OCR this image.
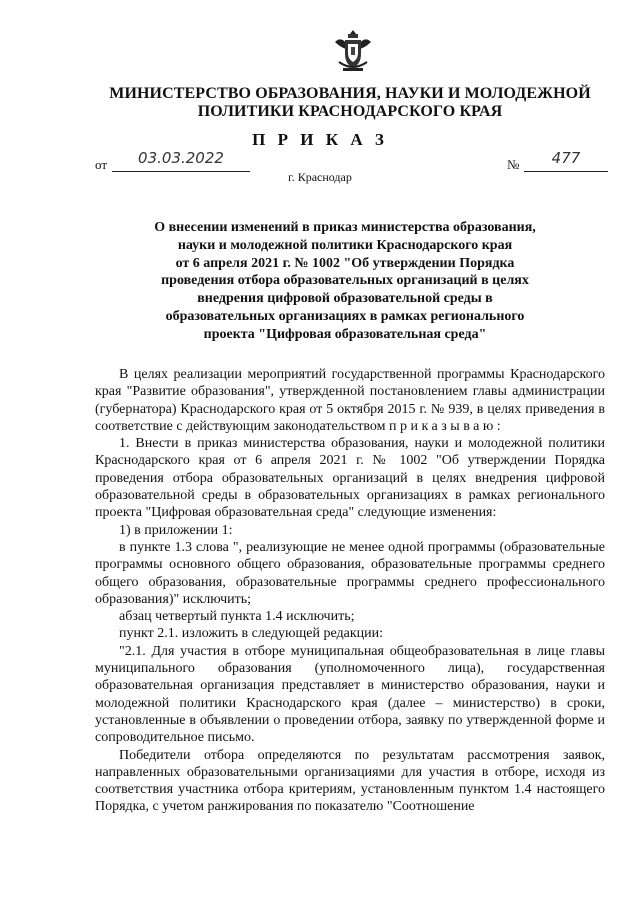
МИНИСТЕРСТВО ОБРАЗОВАНИЯ, НАУКИ И МОЛОДЕЖНОЙ
ПОЛИТИКИ КРАСНОДАРСКОГО КРАЯ
П Р И К А З
от	03.03.2022	№	477
г. Краснодар
О внесении изменений в приказ министерства образования,
науки и молодежной политики Краснодарского края
от 6 апреля 2021 г. № 1002 "Об утверждении Порядка
проведения отбора образовательных организаций в целях
внедрения цифровой образовательной среды в
образовательных организациях в рамках регионального
проекта "Цифровая образовательная среда"

В целях реализации мероприятий государственной программы Краснодарского края "Развитие образования", утвержденной постановлением главы администрации (губернатора) Краснодарского края от 5 октября 2015 г. № 939, в целях приведения в соответствие с действующим законодательством приказываю:

1. Внести в приказ министерства образования, науки и молодежной политики Краснодарского края от 6 апреля 2021 г. № 1002 "Об утверждении Порядка проведения отбора образовательных организаций в целях внедрения цифровой образовательной среды в образовательных организациях в рамках регионального проекта "Цифровая образовательная среда" следующие изменения:

1) в приложении 1:

в пункте 1.3 слова ", реализующие не менее одной программы (образовательные программы основного общего образования, образовательные программы среднего общего образования, образовательные программы среднего профессионального образования)" исключить;

абзац четвертый пункта 1.4 исключить;

пункт 2.1. изложить в следующей редакции:

"2.1. Для участия в отборе муниципальная общеобразовательная в лице главы муниципального образования (уполномоченного лица), государственная образовательная организация представляет в министерство образования, науки и молодежной политики Краснодарского края (далее – министерство) в сроки, установленные в объявлении о проведении отбора, заявку по утвержденной форме и сопроводительное письмо.

Победители отбора определяются по результатам рассмотрения заявок, направленных образовательными организациями для участия в отборе, исходя из соответствия участника отбора критериям, установленным пунктом 1.4 настоящего Порядка, с учетом ранжирования по показателю "Соотношение
